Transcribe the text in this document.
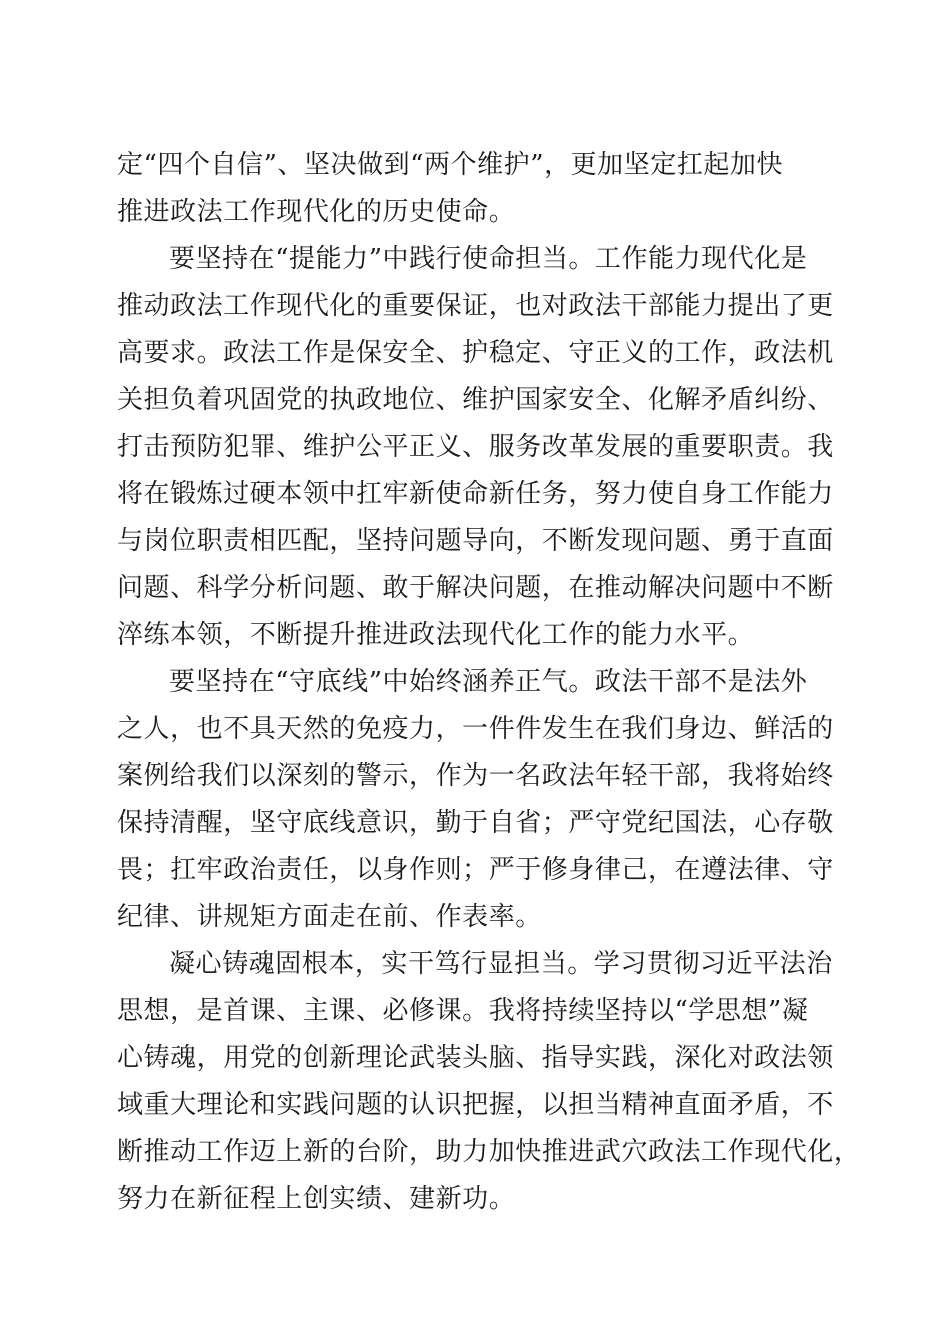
定“四个自信”、坚决做到“两个维护”，更加坚定扛起加快
推进政法工作现代化的历史使命。

要坚持在“提能力”中践行使命担当。工作能力现代化是
推动政法工作现代化的重要保证，也对政法干部能力提出了更
高要求。政法工作是保安全、护稳定、守正义的工作，政法机
关担负着巩固党的执政地位、维护国家安全、化解矛盾纠纷、
打击预防犯罪、维护公平正义、服务改革发展的重要职责。我
将在锻炼过硬本领中扛牢新使命新任务，努力使自身工作能力
与岗位职责相匹配，坚持问题导向，不断发现问题、勇于直面
问题、科学分析问题、敢于解决问题，在推动解决问题中不断
淬练本领，不断提升推进政法现代化工作的能力水平。

要坚持在“守底线”中始终涵养正气。政法干部不是法外
之人，也不具天然的免疫力，一件件发生在我们身边、鲜活的
案例给我们以深刻的警示，作为一名政法年轻干部，我将始终
保持清醒，坚守底线意识，勤于自省；严守党纪国法，心存敬
畏；扛牢政治责任，以身作则；严于修身律己，在遵法律、守
纪律、讲规矩方面走在前、作表率。

凝心铸魂固根本，实干笃行显担当。学习贯彻习近平法治
思想，是首课、主课、必修课。我将持续坚持以“学思想”凝
心铸魂，用党的创新理论武装头脑、指导实践，深化对政法领
域重大理论和实践问题的认识把握，以担当精神直面矛盾，不
断推动工作迈上新的台阶，助力加快推进武穴政法工作现代化，
努力在新征程上创实绩、建新功。
